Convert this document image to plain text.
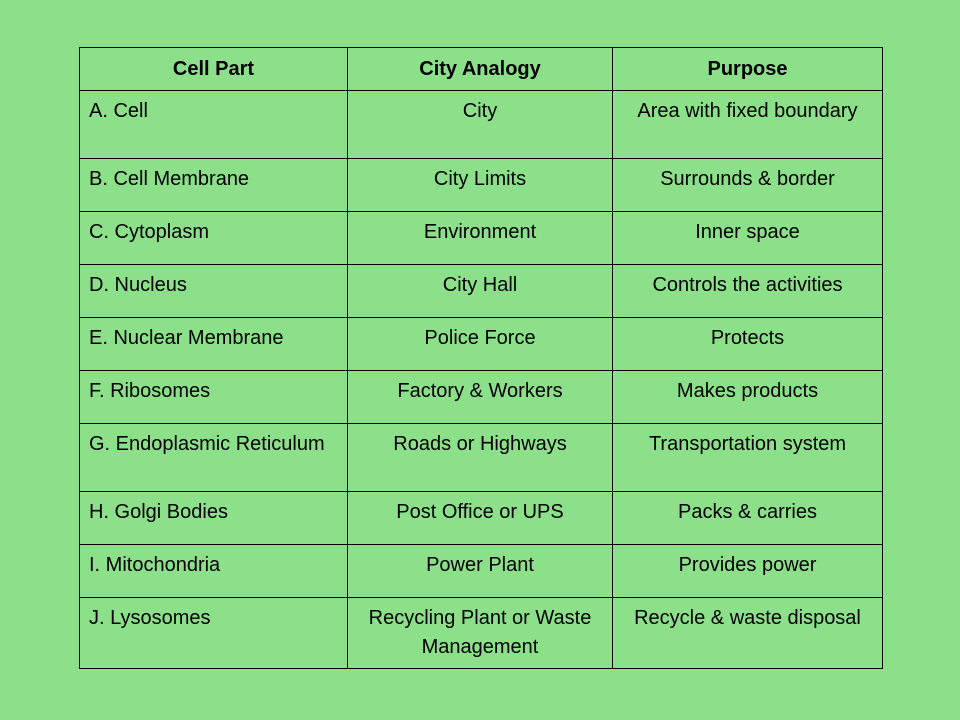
Cell Part	City Analogy	Purpose
A. Cell	City	Area with fixed boundary
B. Cell Membrane	City Limits	Surrounds & border
C. Cytoplasm	Environment	Inner space
D. Nucleus	City Hall	Controls the activities
E. Nuclear Membrane	Police Force	Protects
F. Ribosomes	Factory & Workers	Makes products
G. Endoplasmic Reticulum	Roads or Highways	Transportation system
H. Golgi Bodies	Post Office or UPS	Packs & carries
I. Mitochondria	Power Plant	Provides power
J. Lysosomes	Recycling Plant or Waste Management	Recycle & waste disposal
